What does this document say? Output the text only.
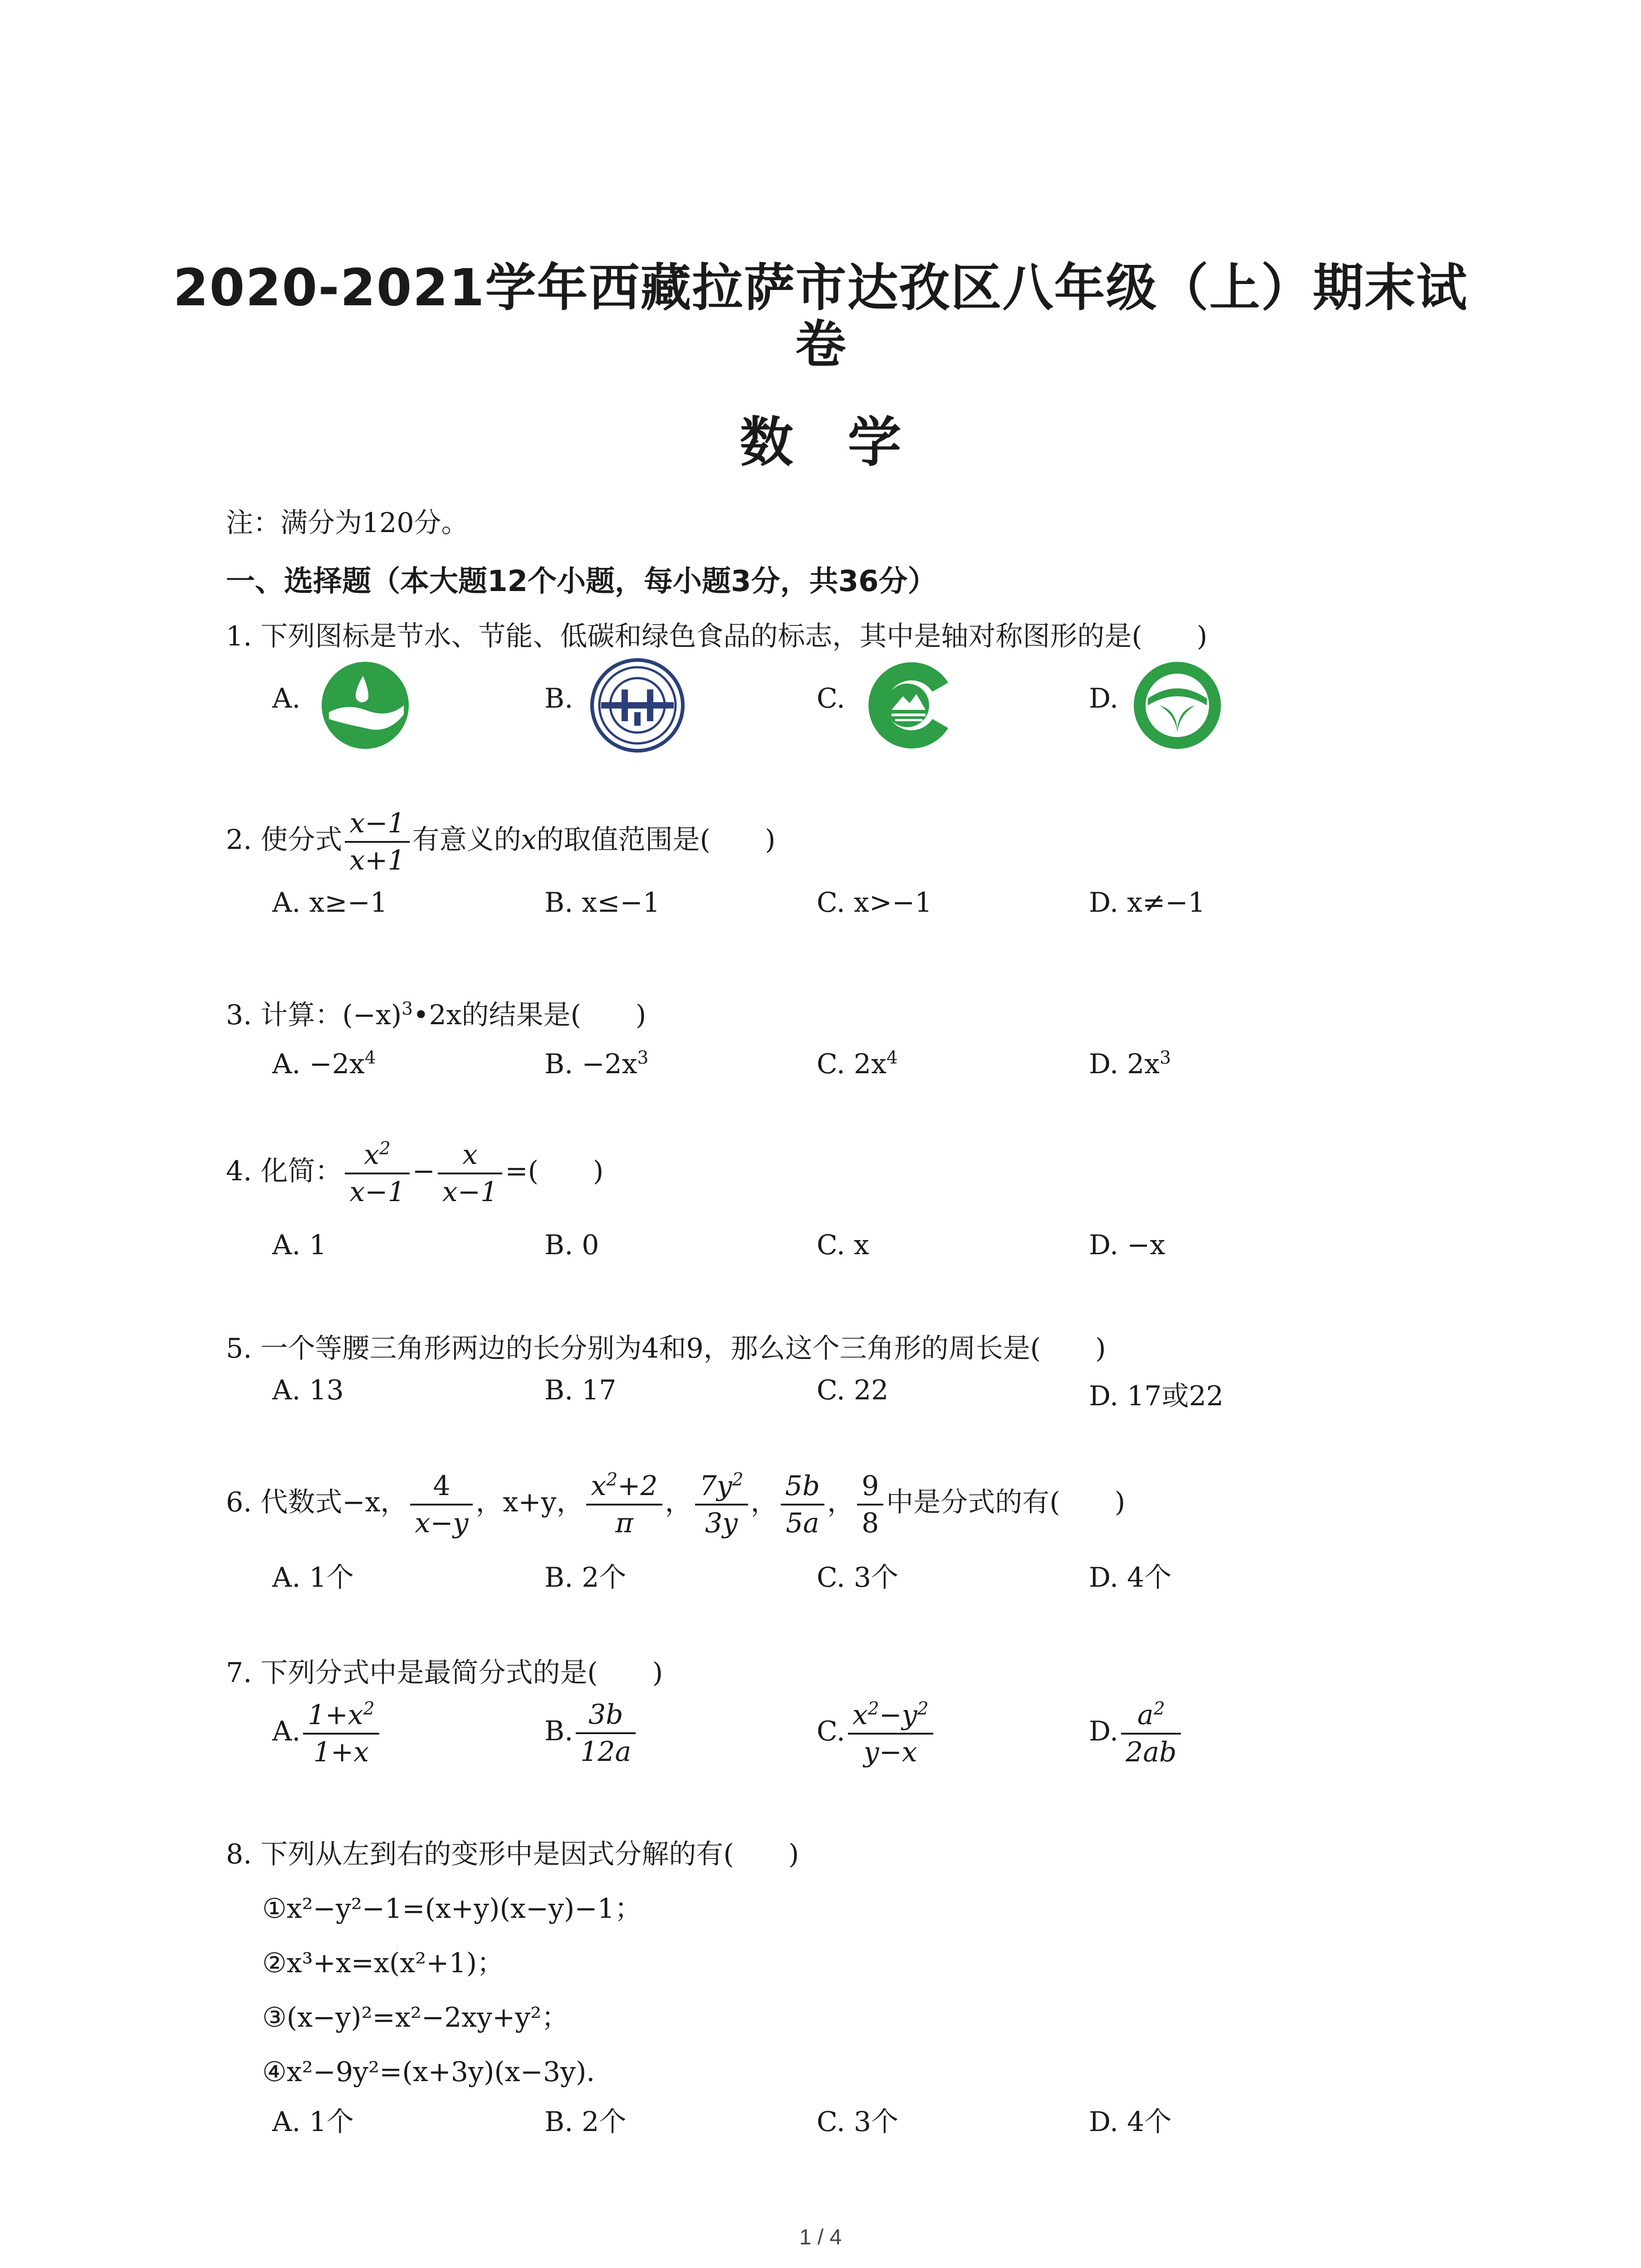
2020-2021学年西藏拉萨市达孜区八年级（上）期末试
卷
数学
注：满分为120分。
一、选择题（本大题12个小题，每小题3分，共36分）
1. 下列图标是节水、节能、低碳和绿色食品的标志，其中是轴对称图形的是(　　)
A.	B.	C.	D.
2. 使分式 $\frac{x-1}{x+1}$ 有意义的x的取值范围是(　　)
A. x≥−1	B. x≤−1	C. x>−1	D. x≠−1
3. 计算：$(-x)^3•2x$的结果是(　　)
A. $-2x^4$	B. $-2x^3$	C. $2x^4$	D. $2x^3$
4. 化简： $\frac{x^2}{x-1} - \frac{x}{x-1}$ =(　　)
A. 1	B. 0	C. x	D. −x
5. 一个等腰三角形两边的长分别为4和9，那么这个三角形的周长是(　　)
A. 13	B. 17	C. 22	D. 17或22
6. 代数式−x， $\frac{4}{x-y}$ ，x+y， $\frac{x^2+2}{\pi}$ ， $\frac{7y^2}{3y}$ ， $\frac{5b}{5a}$ ， $\frac{9}{8}$ 中是分式的有(　　)
A. 1个	B. 2个	C. 3个	D. 4个
7. 下列分式中是最简分式的是(　　)
A. $\frac{1+x^2}{1+x}$	B. $\frac{3b}{12a}$	C. $\frac{x^2-y^2}{y-x}$	D. $\frac{a^2}{2ab}$
8. 下列从左到右的变形中是因式分解的有(　　)
①x²−y²−1=(x+y)(x−y)−1；
②x³+x=x(x²+1)；
③(x−y)²=x²−2xy+y²；
④x²−9y²=(x+3y)(x−3y)．
A. 1个	B. 2个	C. 3个	D. 4个
1 / 4
